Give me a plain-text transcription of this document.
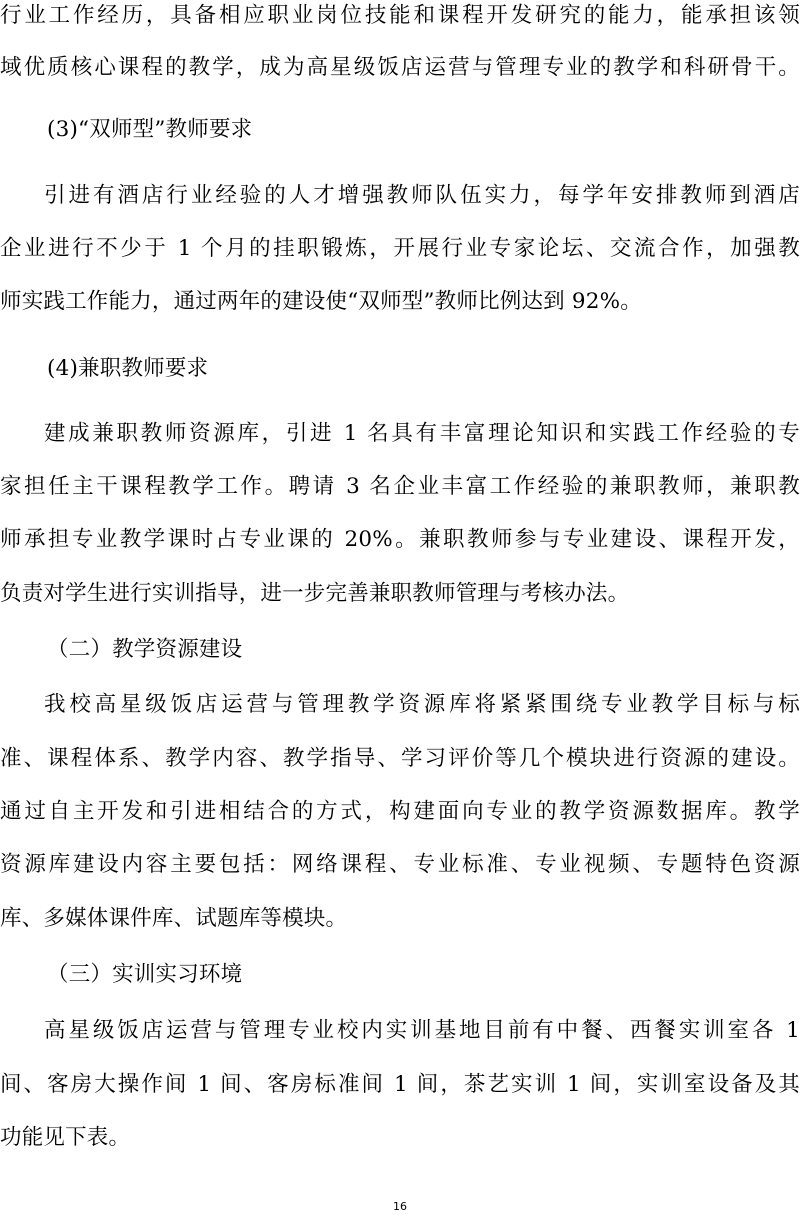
行业工作经历，具备相应职业岗位技能和课程开发研究的能力，能承担该领
域优质核心课程的教学，成为高星级饭店运营与管理专业的教学和科研骨干。
(3)“双师型”教师要求
引进有酒店行业经验的人才增强教师队伍实力，每学年安排教师到酒店
企业进行不少于 1 个月的挂职锻炼，开展行业专家论坛、交流合作，加强教
师实践工作能力，通过两年的建设使“双师型”教师比例达到 92%。
(4)兼职教师要求
建成兼职教师资源库，引进 1 名具有丰富理论知识和实践工作经验的专
家担任主干课程教学工作。聘请 3 名企业丰富工作经验的兼职教师，兼职教
师承担专业教学课时占专业课的 20%。兼职教师参与专业建设、课程开发，
负责对学生进行实训指导，进一步完善兼职教师管理与考核办法。
（二）教学资源建设
我校高星级饭店运营与管理教学资源库将紧紧围绕专业教学目标与标
准、课程体系、教学内容、教学指导、学习评价等几个模块进行资源的建设。
通过自主开发和引进相结合的方式，构建面向专业的教学资源数据库。教学
资源库建设内容主要包括：网络课程、专业标准、专业视频、专题特色资源
库、多媒体课件库、试题库等模块。
（三）实训实习环境
高星级饭店运营与管理专业校内实训基地目前有中餐、西餐实训室各 1
间、客房大操作间 1 间、客房标准间 1 间，茶艺实训 1 间，实训室设备及其
功能见下表。
16
